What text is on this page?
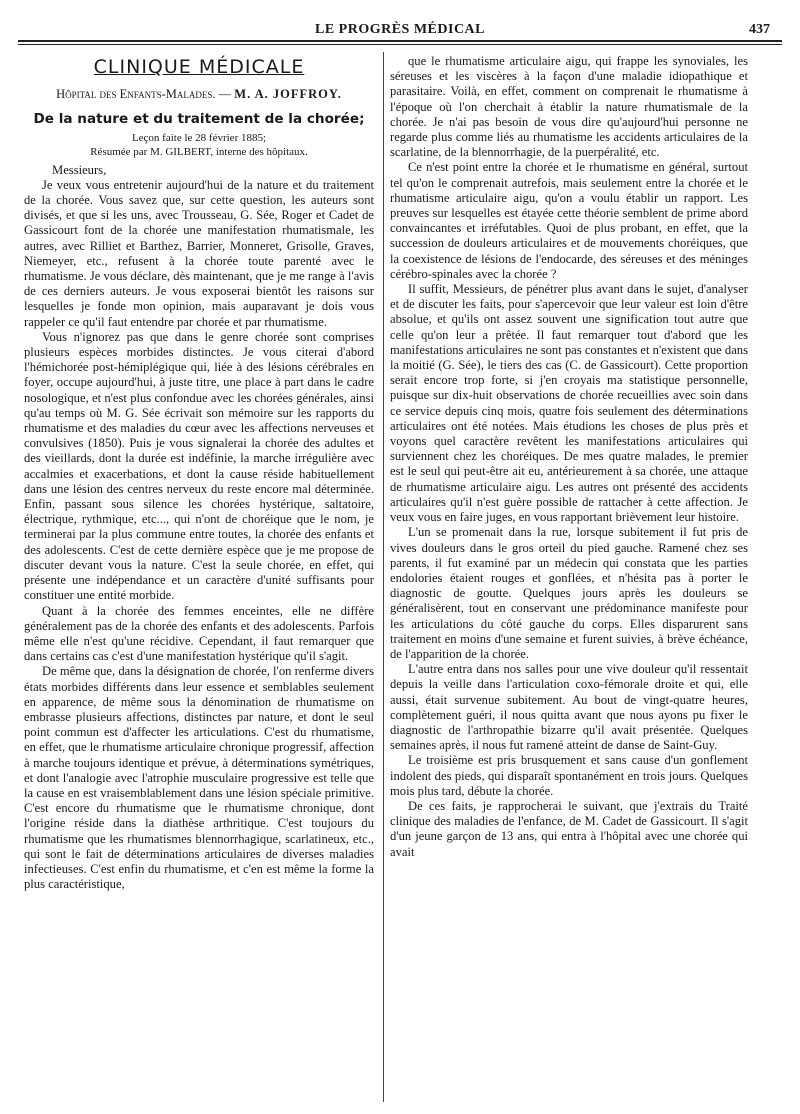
LE PROGRÈS MÉDICAL	437
CLINIQUE MÉDICALE
Hôpital des Enfants-Malades. — M. A. JOFFROY.
De la nature et du traitement de la chorée;
Leçon faite le 28 février 1885;
Résumée par M. GILBERT, interne des hôpitaux.

Messieurs,

Je veux vous entretenir aujourd'hui de la nature et du traitement de la chorée. Vous savez que, sur cette question, les auteurs sont divisés, et que si les uns, avec Trousseau, G. Sée, Roger et Cadet de Gassicourt font de la chorée une manifestation rhumatismale, les autres, avec Rilliet et Barthez, Barrier, Monneret, Grisolle, Graves, Niemeyer, etc., refusent à la chorée toute parenté avec le rhumatisme. Je vous déclare, dès maintenant, que je me range à l'avis de ces derniers auteurs. Je vous exposerai bientôt les raisons sur lesquelles je fonde mon opinion, mais auparavant je dois vous rappeler ce qu'il faut entendre par chorée et par rhumatisme.

Vous n'ignorez pas que dans le genre chorée sont comprises plusieurs espèces morbides distinctes. Je vous citerai d'abord l'hémichorée post-hémiplégique qui, liée à des lésions cérébrales en foyer, occupe aujourd'hui, à juste titre, une place à part dans le cadre nosologique, et n'est plus confondue avec les chorées générales, ainsi qu'au temps où M. G. Sée écrivait son mémoire sur les rapports du rhumatisme et des maladies du cœur avec les affections nerveuses et convulsives (1850). Puis je vous signalerai la chorée des adultes et des vieillards, dont la durée est indéfinie, la marche irrégulière avec accalmies et exacerbations, et dont la cause réside habituellement dans une lésion des centres nerveux du reste encore mal déterminée. Enfin, passant sous silence les chorées hystérique, saltatoire, électrique, rythmique, etc..., qui n'ont de choréique que le nom, je terminerai par la plus commune entre toutes, la chorée des enfants et des adolescents. C'est de cette dernière espèce que je me propose de discuter devant vous la nature. C'est la seule chorée, en effet, qui présente une indépendance et un caractère d'unité suffisants pour constituer une entité morbide.

Quant à la chorée des femmes enceintes, elle ne diffère généralement pas de la chorée des enfants et des adolescents. Parfois même elle n'est qu'une récidive. Cependant, il faut remarquer que dans certains cas c'est d'une manifestation hystérique qu'il s'agit.

De même que, dans la désignation de chorée, l'on renferme divers états morbides différents dans leur essence et semblables seulement en apparence, de même sous la dénomination de rhumatisme on embrasse plusieurs affections, distinctes par nature, et dont le seul point commun est d'affecter les articulations. C'est du rhumatisme, en effet, que le rhumatisme articulaire chronique progressif, affection à marche toujours identique et prévue, à déterminations symétriques, et dont l'analogie avec l'atrophie musculaire progressive est telle que la cause en est vraisemblablement dans une lésion spéciale primitive. C'est encore du rhumatisme que le rhumatisme chronique, dont l'origine réside dans la diathèse arthritique. C'est toujours du rhumatisme que les rhumatismes blennorrhagique, scarlatineux, etc., qui sont le fait de déterminations articulaires de diverses maladies infectieuses. C'est enfin du rhumatisme, et c'en est même la forme la plus caractéristique,

que le rhumatisme articulaire aigu, qui frappe les synoviales, les séreuses et les viscères à la façon d'une maladie idiopathique et parasitaire. Voilà, en effet, comment on comprenait le rhumatisme à l'époque où l'on cherchait à établir la nature rhumatismale de la chorée. Je n'ai pas besoin de vous dire qu'aujourd'hui personne ne regarde plus comme liés au rhumatisme les accidents articulaires de la scarlatine, de la blennorrhagie, de la puerpéralité, etc.

Ce n'est point entre la chorée et le rhumatisme en général, surtout tel qu'on le comprenait autrefois, mais seulement entre la chorée et le rhumatisme articulaire aigu, qu'on a voulu établir un rapport. Les preuves sur lesquelles est étayée cette théorie semblent de prime abord convaincantes et irréfutables. Quoi de plus probant, en effet, que la succession de douleurs articulaires et de mouvements choréiques, que la coexistence de lésions de l'endocarde, des séreuses et des méninges cérébro-spinales avec la chorée ?

Il suffit, Messieurs, de pénétrer plus avant dans le sujet, d'analyser et de discuter les faits, pour s'apercevoir que leur valeur est loin d'être absolue, et qu'ils ont assez souvent une signification tout autre que celle qu'on leur a prêtée. Il faut remarquer tout d'abord que les manifestations articulaires ne sont pas constantes et n'existent que dans la moitié (G. Sée), le tiers des cas (C. de Gassicourt). Cette proportion serait encore trop forte, si j'en croyais ma statistique personnelle, puisque sur dix-huit observations de chorée recueillies avec soin dans ce service depuis cinq mois, quatre fois seulement des déterminations articulaires ont été notées. Mais étudions les choses de plus près et voyons quel caractère revêtent les manifestations articulaires qui surviennent chez les choréiques. De mes quatre malades, le premier est le seul qui peut-être ait eu, antérieurement à sa chorée, une attaque de rhumatisme articulaire aigu. Les autres ont présenté des accidents articulaires qu'il n'est guère possible de rattacher à cette affection. Je veux vous en faire juges, en vous rapportant brièvement leur histoire.

L'un se promenait dans la rue, lorsque subitement il fut pris de vives douleurs dans le gros orteil du pied gauche. Ramené chez ses parents, il fut examiné par un médecin qui constata que les parties endolories étaient rouges et gonflées, et n'hésita pas à porter le diagnostic de goutte. Quelques jours après les douleurs se généralisèrent, tout en conservant une prédominance manifeste pour les articulations du côté gauche du corps. Elles disparurent sans traitement en moins d'une semaine et furent suivies, à brève échéance, de l'apparition de la chorée.

L'autre entra dans nos salles pour une vive douleur qu'il ressentait depuis la veille dans l'articulation coxo-fémorale droite et qui, elle aussi, était survenue subitement. Au bout de vingt-quatre heures, complètement guéri, il nous quitta avant que nous ayons pu fixer le diagnostic de l'arthropathie bizarre qu'il avait présentée. Quelques semaines après, il nous fut ramené atteint de danse de Saint-Guy.

Le troisième est pris brusquement et sans cause d'un gonflement indolent des pieds, qui disparaît spontanément en trois jours. Quelques mois plus tard, débute la chorée.

De ces faits, je rapprocherai le suivant, que j'extrais du Traité clinique des maladies de l'enfance, de M. Cadet de Gassicourt. Il s'agit d'un jeune garçon de 13 ans, qui entra à l'hôpital avec une chorée qui avait
